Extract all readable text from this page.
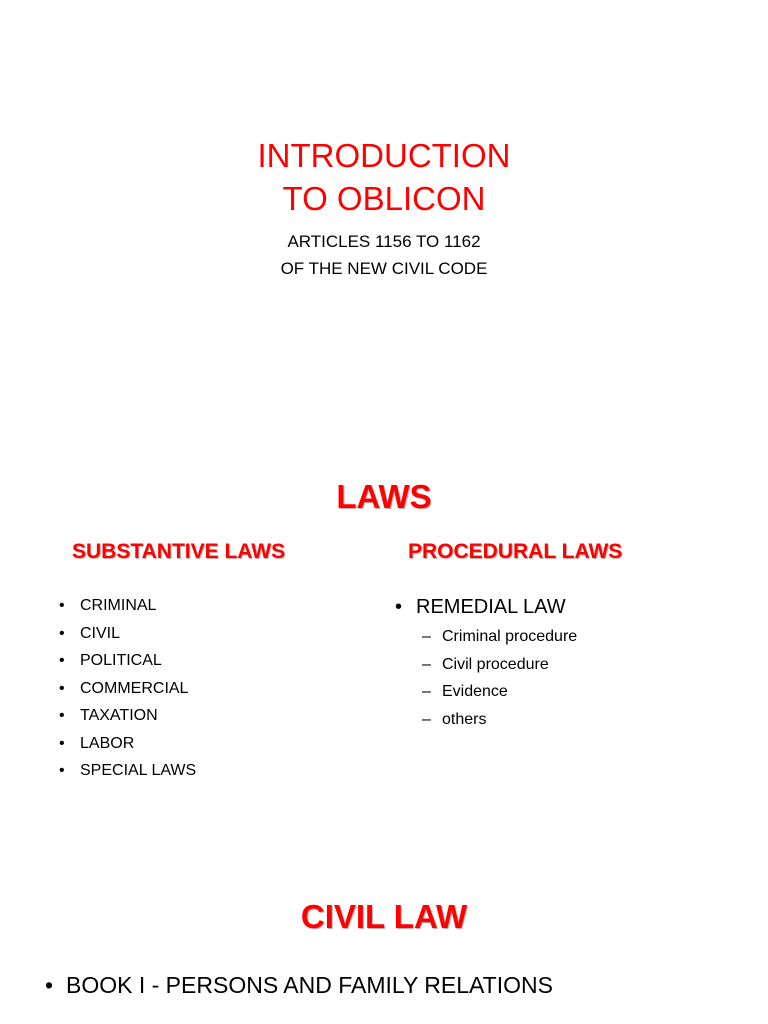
INTRODUCTION
TO OBLICON
ARTICLES 1156 TO 1162
OF THE NEW CIVIL CODE
LAWS
SUBSTANTIVE LAWS	PROCEDURAL LAWS
• CRIMINAL
• CIVIL
• POLITICAL
• COMMERCIAL
• TAXATION
• LABOR
• SPECIAL LAWS
• REMEDIAL LAW
– Criminal procedure
– Civil procedure
– Evidence
– others
CIVIL LAW
• BOOK I - PERSONS AND FAMILY RELATIONS
